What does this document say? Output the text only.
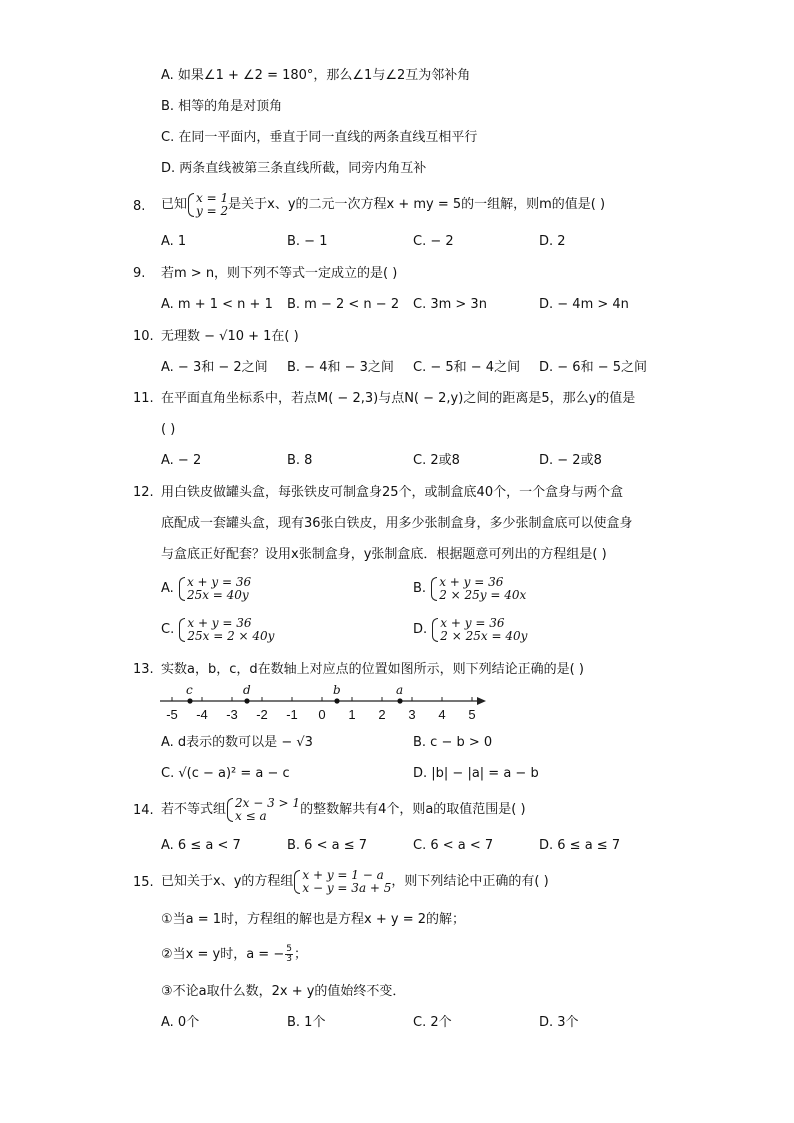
A. 如果∠1 + ∠2 = 180°，那么∠1与∠2互为邻补角
B. 相等的角是对顶角
C. 在同一平面内，垂直于同一直线的两条直线互相平行
D. 两条直线被第三条直线所截，同旁内角互补
8. 已知 x = 1
y = 2 是关于x、y的二元一次方程x + my = 5的一组解，则m的值是( )
A. 1	B. − 1	C. − 2	D. 2
9. 若m > n，则下列不等式一定成立的是( )
A. m + 1 < n + 1 B. m − 2 < n − 2 C. 3m > 3n	D. − 4m > 4n
10. 无理数 − √10 + 1在( )
A. − 3和 − 2之间 B. − 4和 − 3之间 C. − 5和 − 4之间 D. − 6和 − 5之间
11. 在平面直角坐标系中，若点M( − 2,3)与点N( − 2,y)之间的距离是5，那么y的值是
( )
A. − 2	B. 8	C. 2或8	D. − 2或8
12. 用白铁皮做罐头盒，每张铁皮可制盒身25个，或制盒底40个，一个盒身与两个盒
底配成一套罐头盒，现有36张白铁皮，用多少张制盒身，多少张制盒底可以使盒身
与盒底正好配套？设用x张制盒身，y张制盒底．根据题意可列出的方程组是( )
A. x + y = 36
25x = 40y	B. x + y = 36
2 × 25y = 40x
C. x + y = 36
25x = 2 × 40y	D. x + y = 36
2 × 25x = 40y
13. 实数a，b，c，d在数轴上对应点的位置如图所示，则下列结论正确的是( )
-5 -4 -3 -2 -1 0 1 2 3 4 5
c	d	b	a
A. d表示的数可以是 − √3	B. c − b > 0
C. √(c − a)² = a − c	D. |b| − |a| = a − b
14. 若不等式组 2x − 3 > 1
x ≤ a	的整数解共有4个，则a的取值范围是( )
A. 6 ≤ a < 7	B. 6 < a ≤ 7	C. 6 < a < 7	D. 6 ≤ a ≤ 7
15. 已知关于x、y的方程组 x + y = 1 − a
x − y = 3a + 5 ，则下列结论中正确的有( )
①当a = 1时，方程组的解也是方程x + y = 2的解；
②当x = y时，a = − $\frac{5}{3}$ ；
③不论a取什么数，2x + y的值始终不变．
A. 0个	B. 1个	C. 2个	D. 3个
